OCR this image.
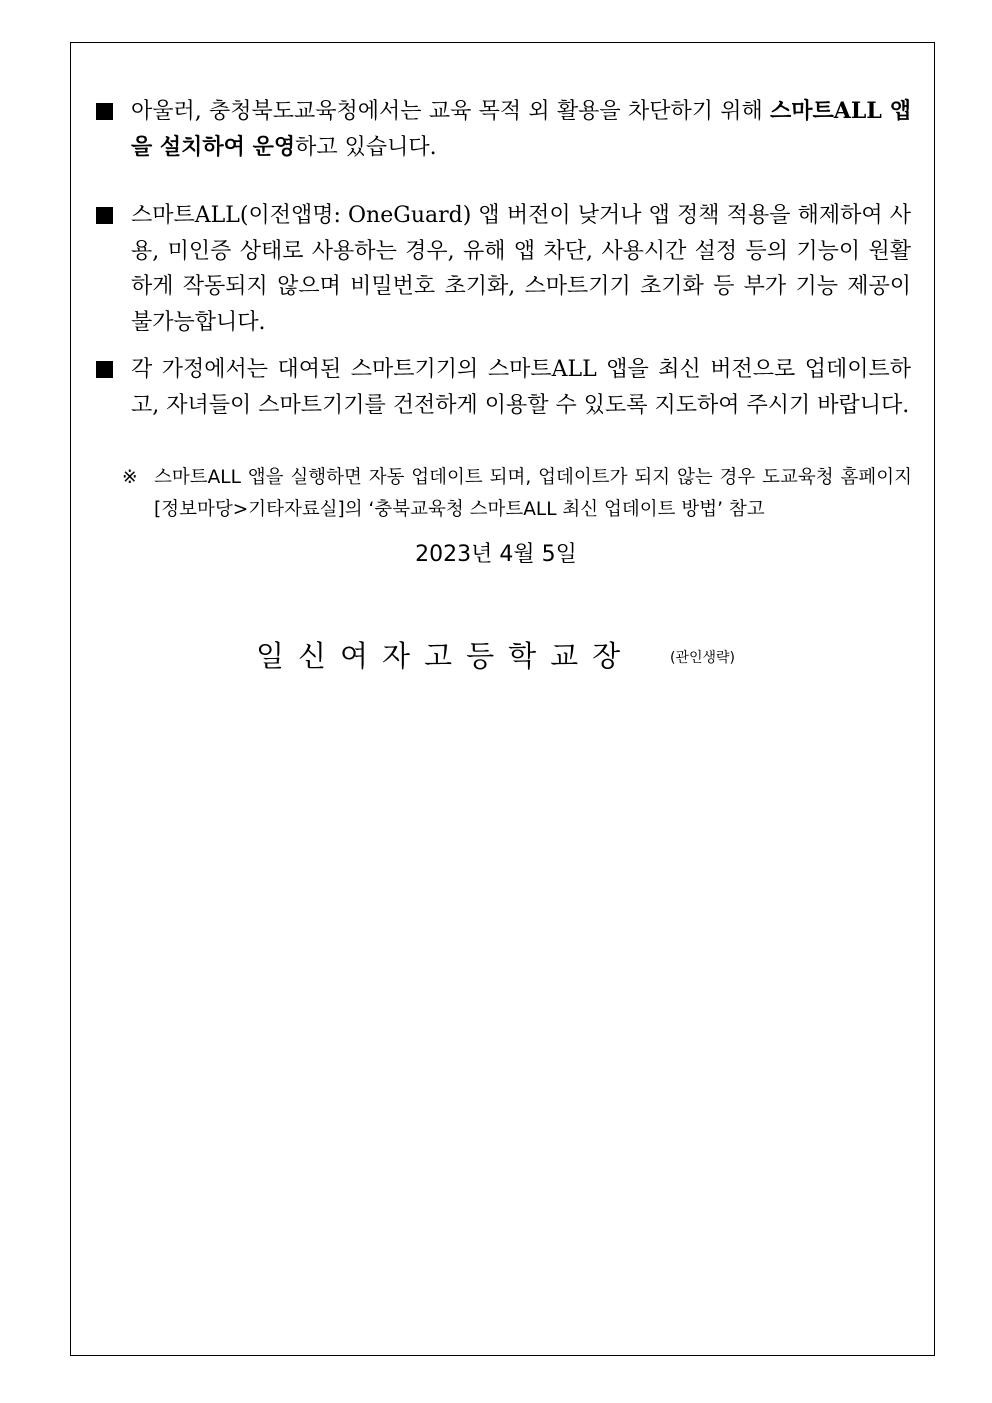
아울러, 충청북도교육청에서는 교육 목적 외 활용을 차단하기 위해 스마트ALL 앱을 설치하여 운영하고 있습니다.
스마트ALL(이전앱명: OneGuard) 앱 버전이 낮거나 앱 정책 적용을 해제하여 사용, 미인증 상태로 사용하는 경우, 유해 앱 차단, 사용시간 설정 등의 기능이 원활하게 작동되지 않으며 비밀번호 초기화, 스마트기기 초기화 등 부가 기능 제공이 불가능합니다.
각 가정에서는 대여된 스마트기기의 스마트ALL 앱을 최신 버전으로 업데이트하고, 자녀들이 스마트기기를 건전하게 이용할 수 있도록 지도하여 주시기 바랍니다.
※ 스마트ALL 앱을 실행하면 자동 업데이트 되며, 업데이트가 되지 않는 경우 도교육청 홈페이지 [정보마당>기타자료실]의 ‘충북교육청 스마트ALL 최신 업데이트 방법’ 참고
2023년 4월 5일
일신여자고등학교장	(관인생략)
